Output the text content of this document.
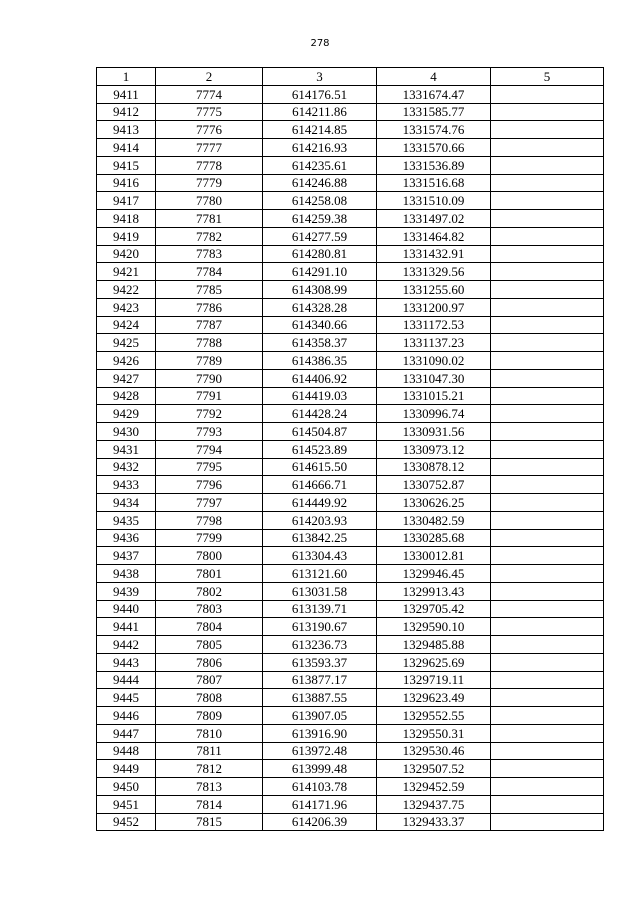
278
1	2	3	4	5
9411	7774	614176.51	1331674.47	
9412	7775	614211.86	1331585.77	
9413	7776	614214.85	1331574.76	
9414	7777	614216.93	1331570.66	
9415	7778	614235.61	1331536.89	
9416	7779	614246.88	1331516.68	
9417	7780	614258.08	1331510.09	
9418	7781	614259.38	1331497.02	
9419	7782	614277.59	1331464.82	
9420	7783	614280.81	1331432.91	
9421	7784	614291.10	1331329.56	
9422	7785	614308.99	1331255.60	
9423	7786	614328.28	1331200.97	
9424	7787	614340.66	1331172.53	
9425	7788	614358.37	1331137.23	
9426	7789	614386.35	1331090.02	
9427	7790	614406.92	1331047.30	
9428	7791	614419.03	1331015.21	
9429	7792	614428.24	1330996.74	
9430	7793	614504.87	1330931.56	
9431	7794	614523.89	1330973.12	
9432	7795	614615.50	1330878.12	
9433	7796	614666.71	1330752.87	
9434	7797	614449.92	1330626.25	
9435	7798	614203.93	1330482.59	
9436	7799	613842.25	1330285.68	
9437	7800	613304.43	1330012.81	
9438	7801	613121.60	1329946.45	
9439	7802	613031.58	1329913.43	
9440	7803	613139.71	1329705.42	
9441	7804	613190.67	1329590.10	
9442	7805	613236.73	1329485.88	
9443	7806	613593.37	1329625.69	
9444	7807	613877.17	1329719.11	
9445	7808	613887.55	1329623.49	
9446	7809	613907.05	1329552.55	
9447	7810	613916.90	1329550.31	
9448	7811	613972.48	1329530.46	
9449	7812	613999.48	1329507.52	
9450	7813	614103.78	1329452.59	
9451	7814	614171.96	1329437.75	
9452	7815	614206.39	1329433.37	
